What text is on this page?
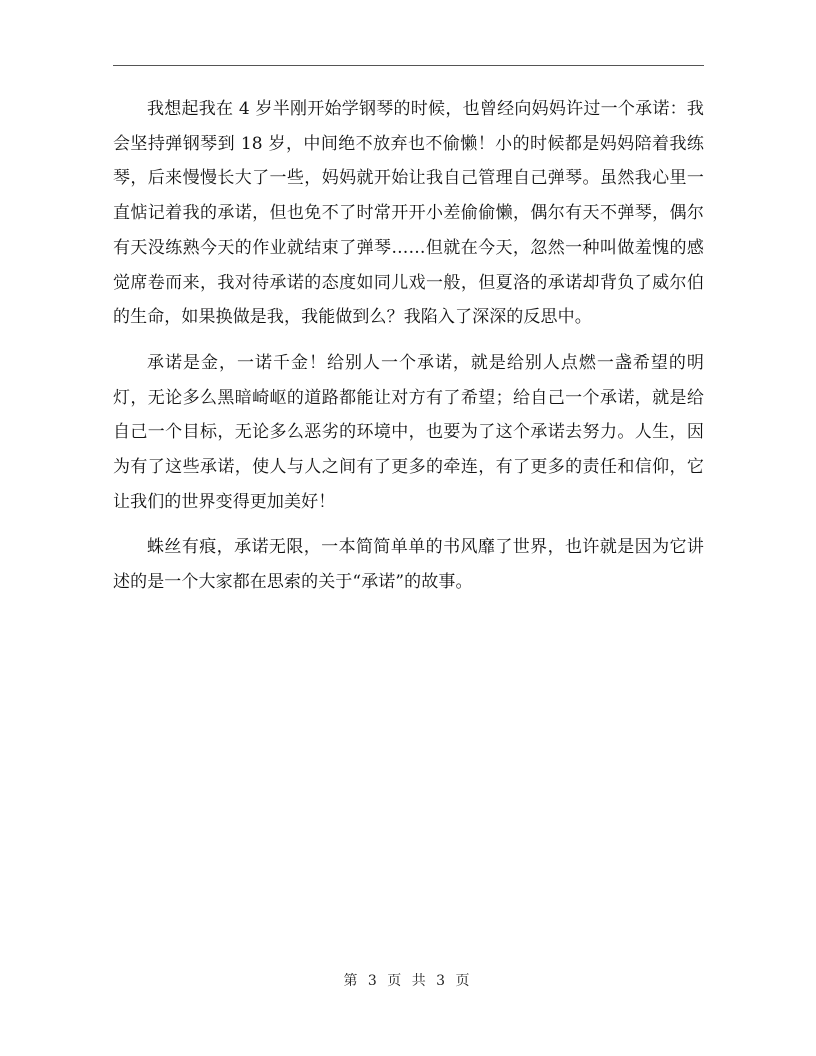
我想起我在 4 岁半刚开始学钢琴的时候，也曾经向妈妈许过一个承诺：我会坚持弹钢琴到 18 岁，中间绝不放弃也不偷懒！小的时候都是妈妈陪着我练琴，后来慢慢长大了一些，妈妈就开始让我自己管理自己弹琴。虽然我心里一直惦记着我的承诺，但也免不了时常开开小差偷偷懒，偶尔有天不弹琴，偶尔有天没练熟今天的作业就结束了弹琴……但就在今天，忽然一种叫做羞愧的感觉席卷而来，我对待承诺的态度如同儿戏一般，但夏洛的承诺却背负了威尔伯的生命，如果换做是我，我能做到么？我陷入了深深的反思中。

承诺是金，一诺千金！给别人一个承诺，就是给别人点燃一盏希望的明灯，无论多么黑暗崎岖的道路都能让对方有了希望；给自己一个承诺，就是给自己一个目标，无论多么恶劣的环境中，也要为了这个承诺去努力。人生，因为有了这些承诺，使人与人之间有了更多的牵连，有了更多的责任和信仰，它让我们的世界变得更加美好！

蛛丝有痕，承诺无限，一本简简单单的书风靡了世界，也许就是因为它讲述的是一个大家都在思索的关于“承诺”的故事。

第 3 页 共 3 页
